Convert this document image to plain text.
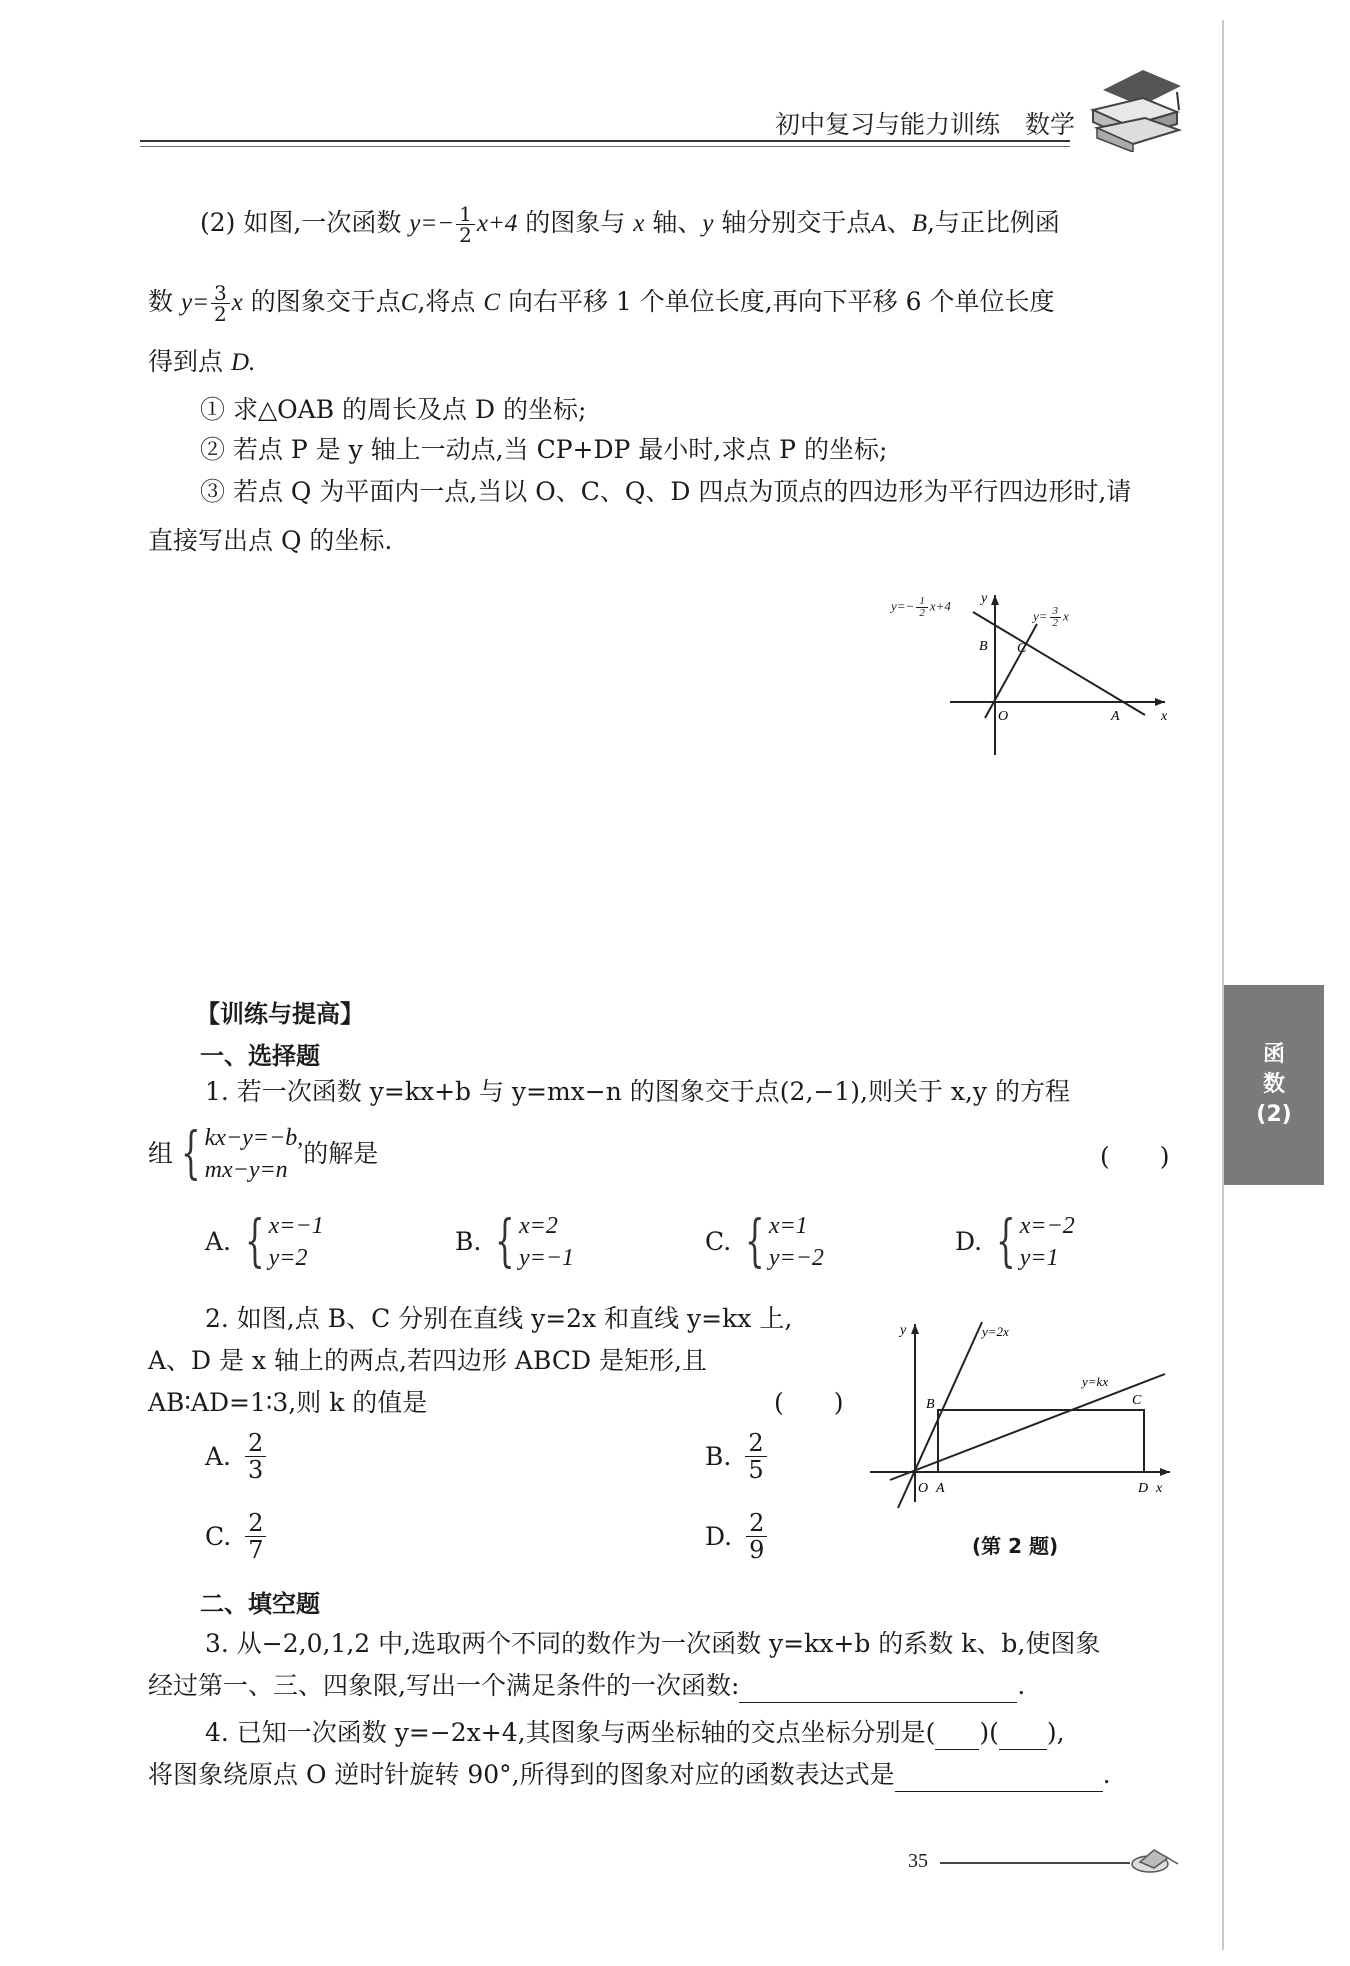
初中复习与能力训练　数学
(2) 如图,一次函数 $y=- \frac{1}{2} x+4$ 的图象与 x 轴、y 轴分别交于点A、B,与正比例函
数 $y= \frac{3}{2}$ x 的图象交于点C,将点 C 向右平移 1 个单位长度,再向下平移 6 个单位长度
得到点 D.
① 求△OAB 的周长及点 D 的坐标;
② 若点 P 是 y 轴上一动点,当 CP+DP 最小时,求点 P 的坐标;
③ 若点 Q 为平面内一点,当以 O、C、Q、D 四点为顶点的四边形为平行四边形时,请
直接写出点 Q 的坐标.
y
x
O	A
B C
$y=- \frac{1}{2} x+4$
$y= \frac{3}{2}$ x
【训练与提高】
一、选择题
1. 若一次函数 y=kx+b 与 y=mx−n 的图象交于点(2,−1),则关于 x,y 的方程
组 { kx−y=−b,
mx−y=n
的解是	(　　)
A. { x=−1
y=2
B. { x=2
y=−1
C. { x=1
y=−2
D. { x=−2
y=1
2. 如图,点 B、C 分别在直线 y=2x 和直线 y=kx 上,
A、D 是 x 轴上的两点,若四边形 ABCD 是矩形,且
AB∶AD=1∶3,则 k 的值是	(　　)
A. $\frac{2}{3}$	B. $\frac{2}{5}$
C. $\frac{2}{7}$	D. $\frac{2}{9}$
y
x
O A
B	C
D
y=2x
y=kx
(第 2 题)
二、填空题
3. 从−2,0,1,2 中,选取两个不同的数作为一次函数 y=kx+b 的系数 k、b,使图象
经过第一、三、四象限,写出一个满足条件的一次函数:	.
4. 已知一次函数 y=−2x+4,其图象与两坐标轴的交点坐标分别是( )( ),
将图象绕原点 O 逆时针旋转 90°,所得到的图象对应的函数表达式是	.
函
数
(2)
35
